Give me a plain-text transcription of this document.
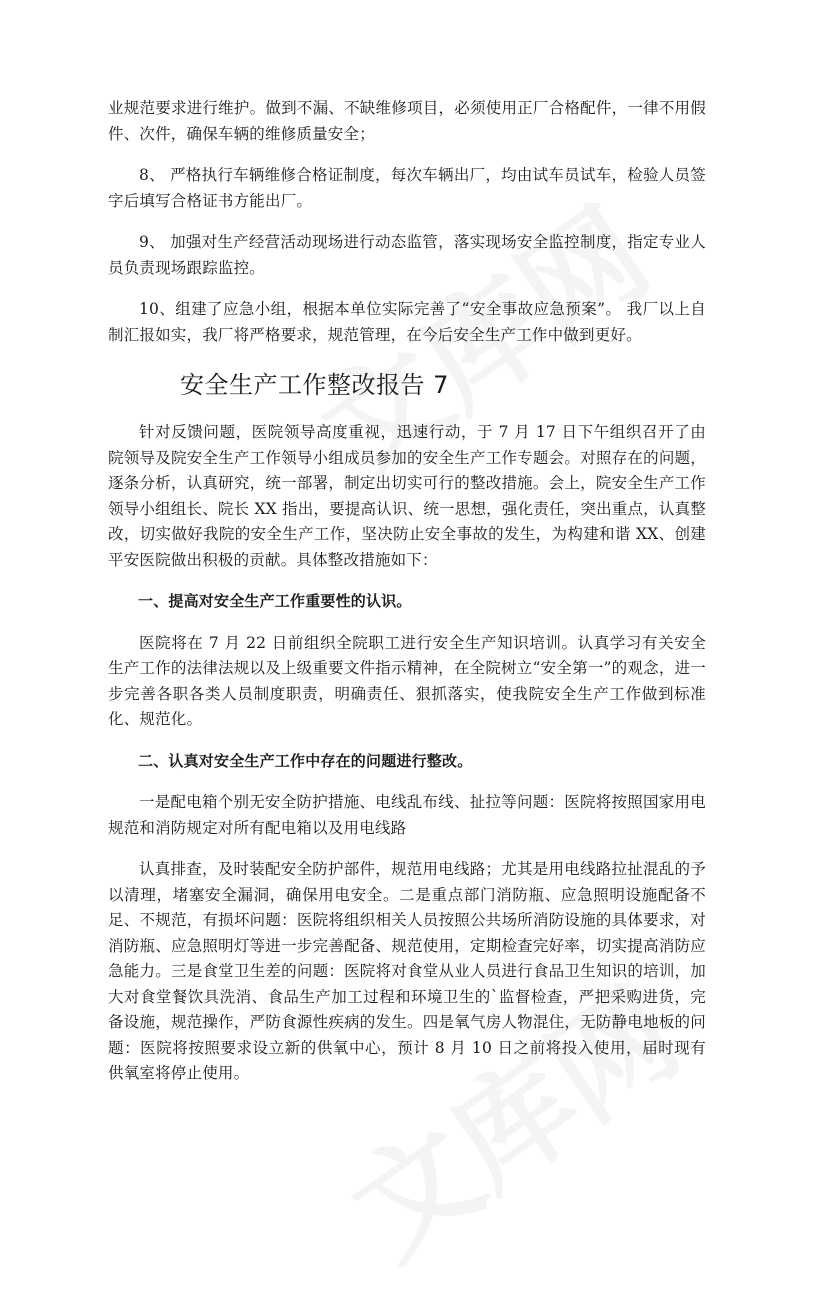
业规范要求进行维护。做到不漏、不缺维修项目，必须使用正厂合格配件，一律不用假件、次件，确保车辆的维修质量安全；

8、 严格执行车辆维修合格证制度，每次车辆出厂，均由试车员试车，检验人员签字后填写合格证书方能出厂。

9、 加强对生产经营活动现场进行动态监管，落实现场安全监控制度，指定专业人员负责现场跟踪监控。

10、组建了应急小组，根据本单位实际完善了“安全事故应急预案”。 我厂以上自制汇报如实，我厂将严格要求，规范管理，在今后安全生产工作中做到更好。

安全生产工作整改报告 7

针对反馈问题，医院领导高度重视，迅速行动，于 7 月 17 日下午组织召开了由院领导及院安全生产工作领导小组成员参加的安全生产工作专题会。对照存在的问题，逐条分析，认真研究，统一部署，制定出切实可行的整改措施。会上，院安全生产工作领导小组组长、院长 XX 指出，要提高认识、统一思想，强化责任，突出重点，认真整改，切实做好我院的安全生产工作，坚决防止安全事故的发生，为构建和谐 XX、创建平安医院做出积极的贡献。具体整改措施如下：

一、提高对安全生产工作重要性的认识。

医院将在 7 月 22 日前组织全院职工进行安全生产知识培训。认真学习有关安全生产工作的法律法规以及上级重要文件指示精神，在全院树立“安全第一”的观念，进一步完善各职各类人员制度职责，明确责任、狠抓落实，使我院安全生产工作做到标准化、规范化。

二、认真对安全生产工作中存在的问题进行整改。

一是配电箱个别无安全防护措施、电线乱布线、扯拉等问题：医院将按照国家用电规范和消防规定对所有配电箱以及用电线路

认真排查，及时装配安全防护部件，规范用电线路；尤其是用电线路拉扯混乱的予以清理，堵塞安全漏洞，确保用电安全。二是重点部门消防瓶、应急照明设施配备不足、不规范，有损坏问题：医院将组织相关人员按照公共场所消防设施的具体要求，对消防瓶、应急照明灯等进一步完善配备、规范使用，定期检查完好率，切实提高消防应急能力。三是食堂卫生差的问题：医院将对食堂从业人员进行食品卫生知识的培训，加大对食堂餐饮具洗消、食品生产加工过程和环境卫生的`监督检查，严把采购进货，完备设施，规范操作，严防食源性疾病的发生。四是氧气房人物混住，无防静电地板的问题：医院将按照要求设立新的供氧中心，预计 8 月 10 日之前将投入使用，届时现有供氧室将停止使用。
